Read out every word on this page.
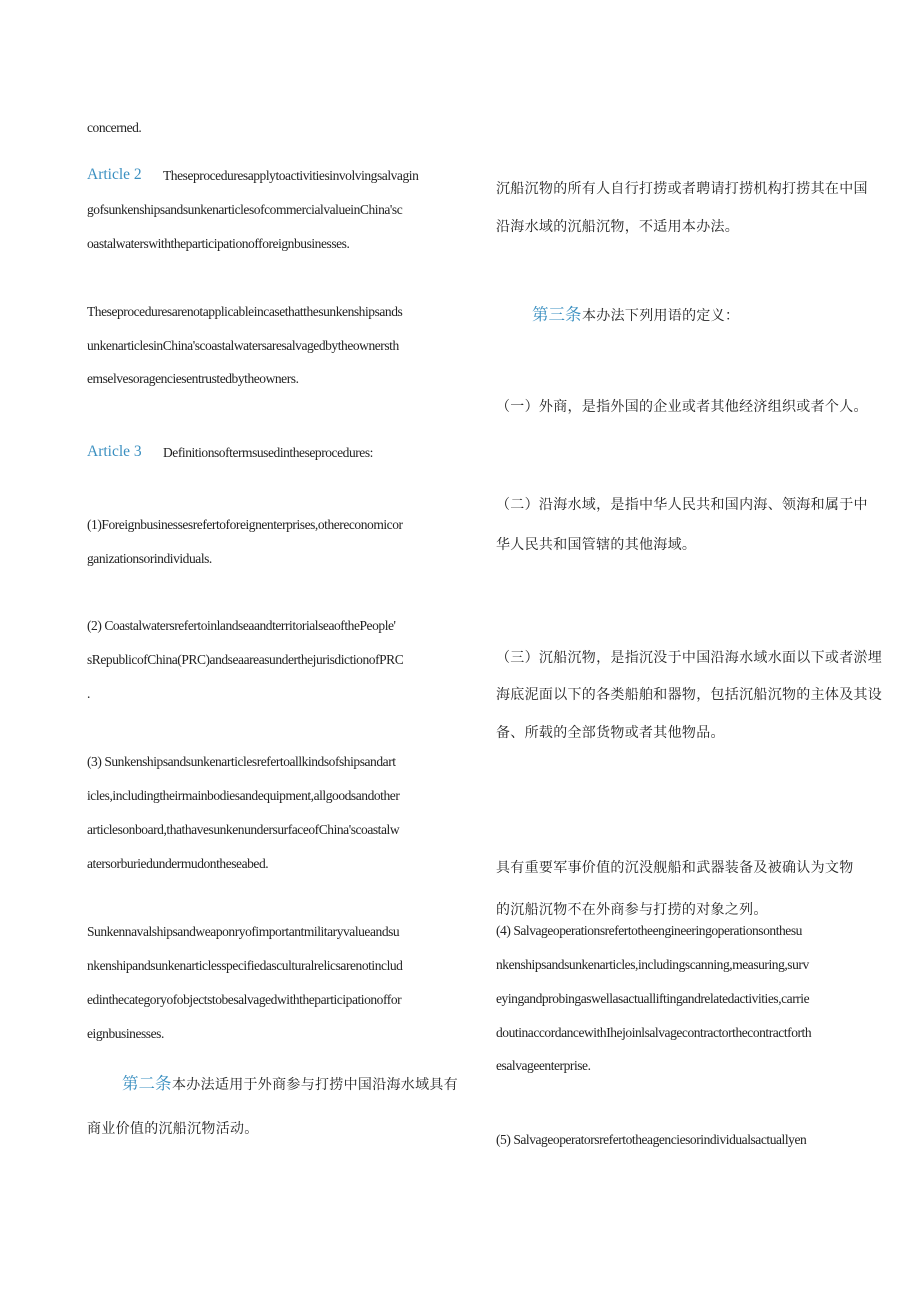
concerned.
Article 2 Theseproceduresapplytoactivitiesinvolvingsalvagin
gofsunkenshipsandsunkenarticlesofcommercialvalueinChina'sc
oastalwaterswiththeparticipationofforeignbusinesses.
Theseproceduresarenotapplicableincasethatthesunkenshipsands
unkenarticlesinChina'scoastalwatersaresalvagedbytheownersth
emselvesoragenciesentrustedbytheowners.
Article 3 Definitionsoftermsusedintheseprocedures:
(1)Foreignbusinessesrefertoforeignenterprises,othereconomicor
ganizationsorindividuals.
(2) Coastalwatersrefertoinlandseaandterritorialseaofthe​People'
sRepublicofChina(PRC)andseaareasunderthejurisdictionofPRC
.
(3) Sunkenshipsandsunkenarticlesrefertoallkindsofshipsandart
icles,includingtheirmainbodiesandequipment,allgoodsandother
articlesonboard,thathavesunkenundersurfaceofChina'scoastalw
atersorburiedundermudontheseabed.
Sunkennavalshipsandweaponryofimportantmilitaryvalueandsu
nkenshipandsunkenarticlesspecifiedasculturalrelicsarenotinclud
edinthecategoryofobjectstobesalvagedwiththeparticipationoffor
eignbusinesses.
第二条 本办法适用于外商参与打捞中国沿海水域具有
商业价值的沉船沉物活动。
沉船沉物的所有人自行打捞或者聘请打捞机构打捞其在中国
沿海水域的沉船沉物，不适用本办法。
第三条 本办法下列用语的定义：
（一）外商，是指外国的企业或者其他经济组织或者个人。
（二）沿海水域，是指中华人民共和国内海、领海和属于中
华人民共和国管辖的其他海域。
（三）沉船沉物，是指沉没于中国沿海水域水面以下或者淤埋
海底泥面以下的各类船舶和器物，包括沉船沉物的主体及其设
备、所载的全部货物或者其他物品。
具有重要军事价值的沉没舰船和武器装备及被确认为文物
的沉船沉物不在外商参与打捞的对象之列。
(4) Salvageoperationsrefertotheengineeringoperationsonthesu
nkenshipsandsunkenarticles,includingscanning,measuring,surv
eyingandprobingaswellasactualliftingandrelatedactivities,carrie
doutinaccordancewithIhejoinlsalvagecontractorthecontractforth
esalvageenterprise.
(5) Salvageoperatorsrefertotheagenciesorindividualsactuallyen
